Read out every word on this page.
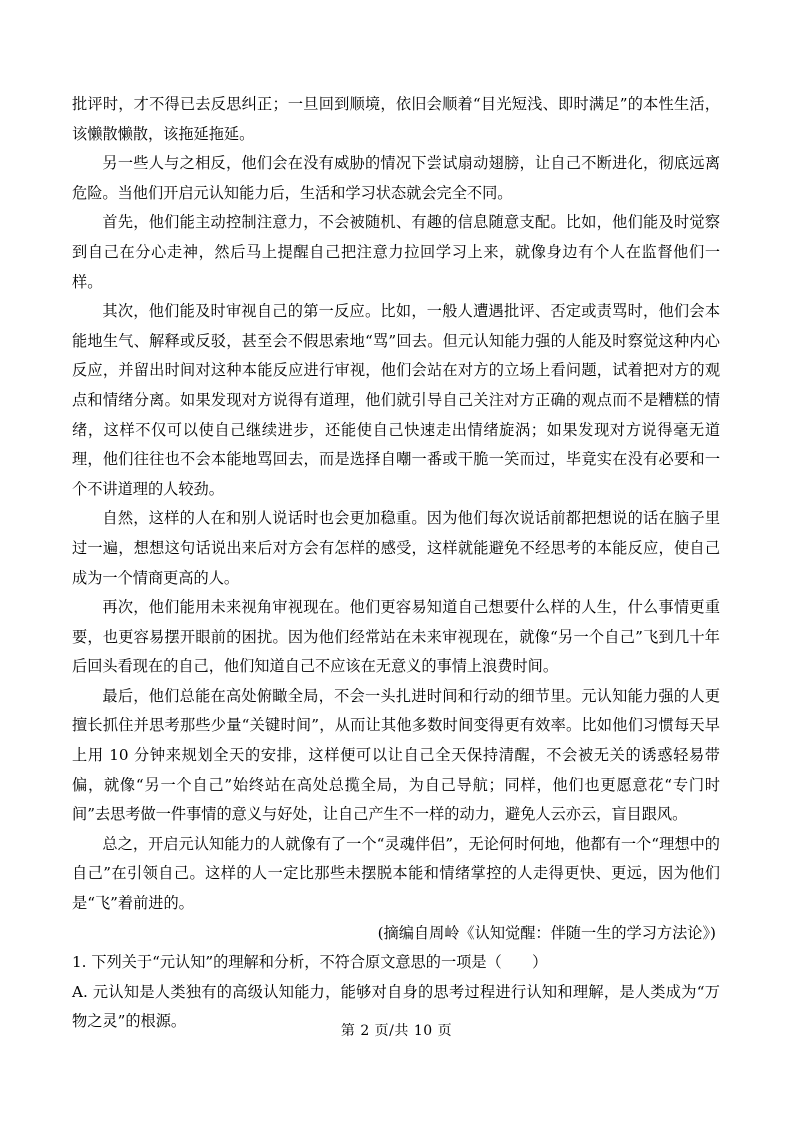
批评时，才不得已去反思纠正；一旦回到顺境，依旧会顺着“目光短浅、即时满足”的本性生活，该懒散懒散，该拖延拖延。

另一些人与之相反，他们会在没有威胁的情况下尝试扇动翅膀，让自己不断进化，彻底远离危险。当他们开启元认知能力后，生活和学习状态就会完全不同。

首先，他们能主动控制注意力，不会被随机、有趣的信息随意支配。比如，他们能及时觉察到自己在分心走神，然后马上提醒自己把注意力拉回学习上来，就像身边有个人在监督他们一样。

其次，他们能及时审视自己的第一反应。比如，一般人遭遇批评、否定或责骂时，他们会本能地生气、解释或反驳，甚至会不假思索地“骂”回去。但元认知能力强的人能及时察觉这种内心反应，并留出时间对这种本能反应进行审视，他们会站在对方的立场上看问题，试着把对方的观点和情绪分离。如果发现对方说得有道理，他们就引导自己关注对方正确的观点而不是糟糕的情绪，这样不仅可以使自己继续进步，还能使自己快速走出情绪旋涡；如果发现对方说得毫无道理，他们往往也不会本能地骂回去，而是选择自嘲一番或干脆一笑而过，毕竟实在没有必要和一个不讲道理的人较劲。

自然，这样的人在和别人说话时也会更加稳重。因为他们每次说话前都把想说的话在脑子里过一遍，想想这句话说出来后对方会有怎样的感受，这样就能避免不经思考的本能反应，使自己成为一个情商更高的人。

再次，他们能用未来视角审视现在。他们更容易知道自己想要什么样的人生，什么事情更重要，也更容易摆开眼前的困扰。因为他们经常站在未来审视现在，就像“另一个自己”飞到几十年后回头看现在的自己，他们知道自己不应该在无意义的事情上浪费时间。

最后，他们总能在高处俯瞰全局，不会一头扎进时间和行动的细节里。元认知能力强的人更擅长抓住并思考那些少量“关键时间”，从而让其他多数时间变得更有效率。比如他们习惯每天早上用 10 分钟来规划全天的安排，这样便可以让自己全天保持清醒，不会被无关的诱惑轻易带偏，就像“另一个自己”始终站在高处总揽全局，为自己导航；同样，他们也更愿意花“专门时间”去思考做一件事情的意义与好处，让自己产生不一样的动力，避免人云亦云，盲目跟风。

总之，开启元认知能力的人就像有了一个“灵魂伴侣”，无论何时何地，他都有一个“理想中的自己”在引领自己。这样的人一定比那些未摆脱本能和情绪掌控的人走得更快、更远，因为他们是“飞”着前进的。

(摘编自周岭《认知觉醒：伴随一生的学习方法论》)

1. 下列关于“元认知”的理解和分析，不符合原文意思的一项是（　　）

A. 元认知是人类独有的高级认知能力，能够对自身的思考过程进行认知和理解，是人类成为“万物之灵”的根源。

第 2 页/共 10 页
